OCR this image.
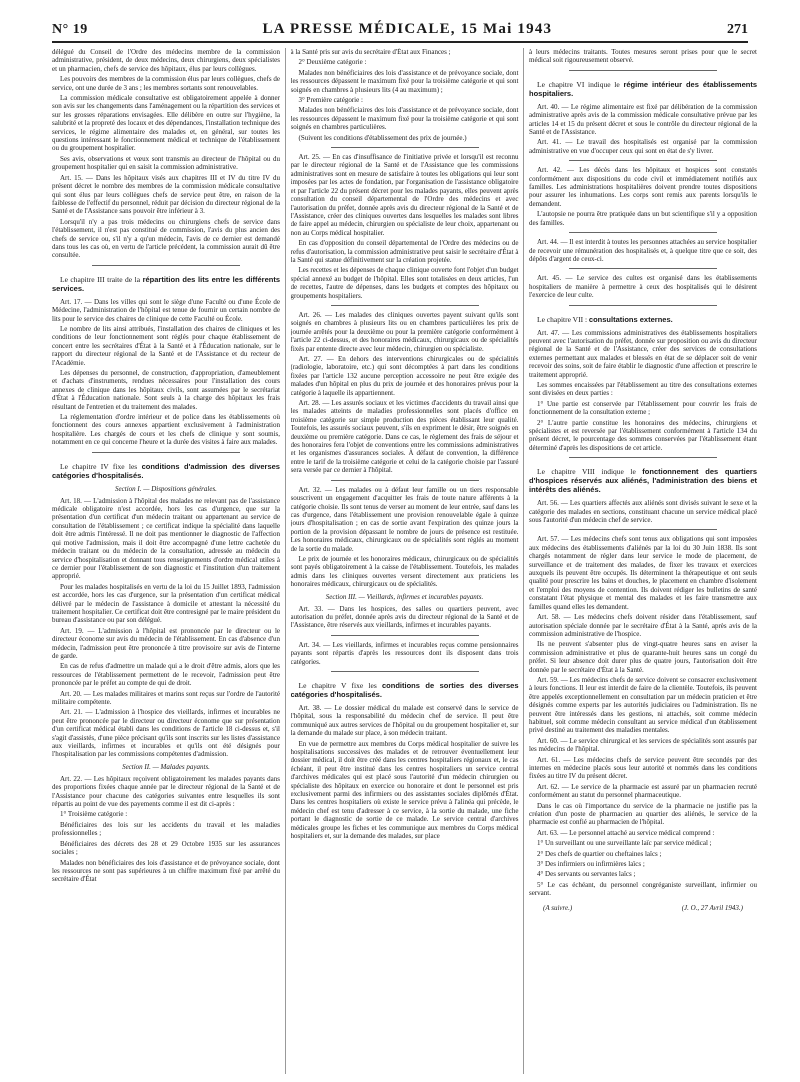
N° 19	LA PRESSE MÉDICALE, 15 Mai 1943	271

délégué du Conseil de l'Ordre des médecins membre de la commission administrative, président, de deux médecins, deux chirurgiens, deux spécialistes et un pharmacien, chefs de service des hôpitaux, élus par leurs collègues.

Les pouvoirs des membres de la commission élus par leurs collègues, chefs de service, ont une durée de 3 ans ; les membres sortants sont renouvelables.

La commission médicale consultative est obligatoirement appelée à donner son avis sur les changements dans l'aménagement ou la répartition des services et sur les grosses réparations envisagées. Elle délibère en outre sur l'hygiène, la salubrité et la propreté des locaux et des dépendances, l'installation technique des services, le régime alimentaire des malades et, en général, sur toutes les questions intéressant le fonctionnement médical et technique de l'établissement ou du groupement hospitalier.

Ses avis, observations et vœux sont transmis au directeur de l'hôpital ou du groupement hospitalier qui en saisit la commission administrative.

Art. 15. — Dans les hôpitaux visés aux chapitres III et IV du titre IV du présent décret le nombre des membres de la commission médicale consultative qui sont élus par leurs collègues chefs de service peut être, en raison de la faiblesse de l'effectif du personnel, réduit par décision du directeur régional de la Santé et de l'Assistance sans pouvoir être inférieur à 3.

Lorsqu'il n'y a pas trois médecins ou chirurgiens chefs de service dans l'établissement, il n'est pas constitué de commission, l'avis du plus ancien des chefs de service ou, s'il n'y a qu'un médecin, l'avis de ce dernier est demandé dans tous les cas où, en vertu de l'article précédent, la commission aurait dû être consultée.

Le chapitre III traite de la répartition des lits entre les différents services.

Art. 17. — Dans les villes qui sont le siège d'une Faculté ou d'une École de Médecine, l'administration de l'hôpital est tenue de fournir un certain nombre de lits pour le service des chaires de clinique de cette Faculté ou École.

Le nombre de lits ainsi attribués, l'installation des chaires de cliniques et les conditions de leur fonctionnement sont réglés pour chaque établissement de concert entre les secrétaires d'État à la Santé et à l'Éducation nationale, sur le rapport du directeur régional de la Santé et de l'Assistance et du recteur de l'Académie.

Les dépenses du personnel, de construction, d'appropriation, d'ameublement et d'achats d'instruments, rendues nécessaires pour l'installation des cours annexes de clinique dans les hôpitaux civils, sont assumées par le secrétariat d'État à l'Éducation nationale. Sont seuls à la charge des hôpitaux les frais résultant de l'entretien et du traitement des malades.

La réglementation d'ordre intérieur et de police dans les établissements où fonctionnent des cours annexes appartient exclusivement à l'administration hospitalière. Les chargés de cours et les chefs de clinique y sont soumis, notamment en ce qui concerne l'heure et la durée des visites à faire aux malades.

Le chapitre IV fixe les conditions d'admission des diverses catégories d'hospitalisés.
Section I. — Dispositions générales.

Art. 18. — L'admission à l'hôpital des malades ne relevant pas de l'assistance médicale obligatoire n'est accordée, hors les cas d'urgence, que sur la présentation d'un certificat d'un médecin traitant ou appartenant au service de consultation de l'établissement ; ce certificat indique la spécialité dans laquelle doit être admis l'intéressé. Il ne doit pas mentionner le diagnostic de l'affection qui motive l'admission, mais il doit être accompagné d'une lettre cachetée du médecin traitant ou du médecin de la consultation, adressée au médecin du service d'hospitalisation et donnant tous renseignements d'ordre médical utiles à ce dernier pour l'établissement de son diagnostic et l'institution d'un traitement approprié.

Pour les malades hospitalisés en vertu de la loi du 15 Juillet 1893, l'admission est accordée, hors les cas d'urgence, sur la présentation d'un certificat médical délivré par le médecin de l'assistance à domicile et attestant la nécessité du traitement hospitalier. Ce certificat doit être contresigné par le maire président du bureau d'assistance ou par son délégué.

Art. 19. — L'admission à l'hôpital est prononcée par le directeur ou le directeur économe sur avis du médecin de l'établissement. En cas d'absence d'un médecin, l'admission peut être prononcée à titre provisoire sur avis de l'interne de garde.

En cas de refus d'admettre un malade qui a le droit d'être admis, alors que les ressources de l'établissement permettent de le recevoir, l'admission peut être prononcée par le préfet au compte de qui de droit.

Art. 20. — Les malades militaires et marins sont reçus sur l'ordre de l'autorité militaire compétente.

Art. 21. — L'admission à l'hospice des vieillards, infirmes et incurables ne peut être prononcée par le directeur ou directeur économe que sur présentation d'un certificat médical établi dans les conditions de l'article 18 ci-dessus et, s'il s'agit d'assistés, d'une pièce précisant qu'ils sont inscrits sur les listes d'assistance aux vieillards, infirmes et incurables et qu'ils ont été désignés pour l'hospitalisation par les commissions compétentes d'admission.

Section II. — Malades payants.

Art. 22. — Les hôpitaux reçoivent obligatoirement les malades payants dans des proportions fixées chaque année par le directeur régional de la Santé et de l'Assistance pour chacune des catégories suivantes entre lesquelles ils sont répartis au point de vue des payements comme il est dit ci-après :

1° Troisième catégorie :

Bénéficiaires des lois sur les accidents du travail et les maladies professionnelles ;

Bénéficiaires des décrets des 28 et 29 Octobre 1935 sur les assurances sociales ;

Malades non bénéficiaires des lois d'assistance et de prévoyance sociale, dont les ressources ne sont pas supérieures à un chiffre maximum fixé par arrêté du secrétaire d'État

à la Santé pris sur avis du secrétaire d'État aux Finances ;

2° Deuxième catégorie :

Malades non bénéficiaires des lois d'assistance et de prévoyance sociale, dont les ressources dépassent le maximum fixé pour la troisième catégorie et qui sont soignés en chambres à plusieurs lits (4 au maximum) ;

3° Première catégorie :

Malades non bénéficiaires des lois d'assistance et de prévoyance sociale, dont les ressources dépassent le maximum fixé pour la troisième catégorie et qui sont soignés en chambres particulières.

(Suivent les conditions d'établissement des prix de journée.)

Art. 25. — En cas d'insuffisance de l'initiative privée et lorsqu'il est reconnu par le directeur régional de la Santé et de l'Assistance que les commissions administratives sont en mesure de satisfaire à toutes les obligations qui leur sont imposées par les actes de fondation, par l'organisation de l'assistance obligatoire et par l'article 22 du présent décret pour les malades payants, elles peuvent après consultation du conseil départemental de l'Ordre des médecins et avec l'autorisation du préfet, donnée après avis du directeur régional de la Santé et de l'Assistance, créer des cliniques ouvertes dans lesquelles les malades sont libres de faire appel au médecin, chirurgien ou spécialiste de leur choix, appartenant ou non au Corps médical hospitalier.

En cas d'opposition du conseil départemental de l'Ordre des médecins ou de refus d'autorisation, la commission administrative peut saisir le secrétaire d'État à la Santé qui statue définitivement sur la création projetée.

Les recettes et les dépenses de chaque clinique ouverte font l'objet d'un budget spécial annexé au budget de l'hôpital. Elles sont totalisées en deux articles, l'un de recettes, l'autre de dépenses, dans les budgets et comptes des hôpitaux ou groupements hospitaliers.

Art. 26. — Les malades des cliniques ouvertes payent suivant qu'ils sont soignés en chambres à plusieurs lits ou en chambres particulières les prix de journée arrêtés pour la deuxième ou pour la première catégorie conformément à l'article 22 ci-dessus, et des honoraires médicaux, chirurgicaux ou de spécialités fixés par entente directe avec leur médecin, chirurgien ou spécialiste.

Art. 27. — En dehors des interventions chirurgicales ou de spécialités (radiologie, laboratoire, etc.) qui sont décomptées à part dans les conditions fixées par l'article 132 aucune perception accessoire ne peut être exigée des malades d'un hôpital en plus du prix de journée et des honoraires prévus pour la catégorie à laquelle ils appartiennent.

Art. 28. — Les assurés sociaux et les victimes d'accidents du travail ainsi que les malades atteints de maladies professionnelles sont placés d'office en troisième catégorie sur simple production des pièces établissant leur qualité. Toutefois, les assurés sociaux peuvent, s'ils en expriment le désir, être soignés en deuxième ou première catégorie. Dans ce cas, le règlement des frais de séjour et des honoraires fera l'objet de conventions entre les commissions administratives et les organismes d'assurances sociales. À défaut de convention, la différence entre le tarif de la troisième catégorie et celui de la catégorie choisie par l'assuré sera versée par ce dernier à l'hôpital.

Art. 32. — Les malades ou à défaut leur famille ou un tiers responsable souscrivent un engagement d'acquitter les frais de toute nature afférents à la catégorie choisie. Ils sont tenus de verser au moment de leur entrée, sauf dans les cas d'urgence, dans l'établissement une provision renouvelable égale à quinze jours d'hospitalisation ; en cas de sortie avant l'expiration des quinze jours la portion de la provision dépassant le nombre de jours de présence est restituée. Les honoraires médicaux, chirurgicaux ou de spécialités sont réglés au moment de la sortie du malade.

Le prix de journée et les honoraires médicaux, chirurgicaux ou de spécialités sont payés obligatoirement à la caisse de l'établissement. Toutefois, les malades admis dans les cliniques ouvertes versent directement aux praticiens les honoraires médicaux, chirurgicaux ou de spécialités.

Section III. — Vieillards, infirmes et incurables payants.

Art. 33. — Dans les hospices, des salles ou quartiers peuvent, avec autorisation du préfet, donnée après avis du directeur régional de la Santé et de l'Assistance, être réservés aux vieillards, infirmes et incurables payants.

Art. 34. — Les vieillards, infirmes et incurables reçus comme pensionnaires payants sont répartis d'après les ressources dont ils disposent dans trois catégories.

Le chapitre V fixe les conditions de sorties des diverses catégories d'hospitalisés.

Art. 38. — Le dossier médical du malade est conservé dans le service de l'hôpital, sous la responsabilité du médecin chef de service. Il peut être communiqué aux autres services de l'hôpital ou du groupement hospitalier et, sur la demande du malade sur place, à son médecin traitant.

En vue de permettre aux membres du Corps médical hospitalier de suivre les hospitalisations successives des malades et de retrouver éventuellement leur dossier médical, il doit être créé dans les centres hospitaliers régionaux et, le cas échéant, il peut être institué dans les centres hospitaliers un service central d'archives médicales qui est placé sous l'autorité d'un médecin chirurgien ou spécialiste des hôpitaux en exercice ou honoraire et dont le personnel est pris exclusivement parmi des infirmiers ou des assistantes sociales diplômés d'État. Dans les centres hospitaliers où existe le service prévu à l'alinéa qui précède, le médecin chef est tenu d'adresser à ce service, à la sortie du malade, une fiche portant le diagnostic de sortie de ce malade. Le service central d'archives médicales groupe les fiches et les communique aux membres du Corps médical hospitaliers et, sur la demande des malades, sur place

à leurs médecins traitants. Toutes mesures seront prises pour que le secret médical soit rigoureusement observé.

Le chapitre VI indique le régime intérieur des établissements hospitaliers.

Art. 40. — Le régime alimentaire est fixé par délibération de la commission administrative après avis de la commission médicale consultative prévue par les articles 14 et 15 du présent décret et sous le contrôle du directeur régional de la Santé et de l'Assistance.

Art. 41. — Le travail des hospitalisés est organisé par la commission administrative en vue d'occuper ceux qui sont en état de s'y livrer.

Art. 42. — Les décès dans les hôpitaux et hospices sont constatés conformément aux dispositions du code civil et immédiatement notifiés aux familles. Les administrations hospitalières doivent prendre toutes dispositions pour assurer les inhumations. Les corps sont remis aux parents lorsqu'ils le demandent.

L'autopsie ne pourra être pratiquée dans un but scientifique s'il y a opposition des familles.

Art. 44. — Il est interdit à toutes les personnes attachées au service hospitalier de recevoir une rémunération des hospitalisés et, à quelque titre que ce soit, des dépôts d'argent de ceux-ci.

Art. 45. — Le service des cultes est organisé dans les établissements hospitaliers de manière à permettre à ceux des hospitalisés qui le désirent l'exercice de leur culte.

Le chapitre VII : consultations externes.

Art. 47. — Les commissions administratives des établissements hospitaliers peuvent avec l'autorisation du préfet, donnée sur proposition ou avis du directeur régional de la Santé et de l'Assistance, créer des services de consultations externes permettant aux malades et blessés en état de se déplacer soit de venir recevoir des soins, soit de faire établir le diagnostic d'une affection et prescrire le traitement approprié.

Les sommes encaissées par l'établissement au titre des consultations externes sont divisées en deux parties :

1° Une partie est conservée par l'établissement pour couvrir les frais de fonctionnement de la consultation externe ;

2° L'autre partie constitue les honoraires des médecins, chirurgiens et spécialistes et est reversée par l'établissement conformément à l'article 134 du présent décret, le pourcentage des sommes conservées par l'établissement étant déterminé d'après les dispositions de cet article.

Le chapitre VIII indique le fonctionnement des quartiers d'hospices réservés aux aliénés, l'administration des biens et intérêts des aliénés.

Art. 56. — Les quartiers affectés aux aliénés sont divisés suivant le sexe et la catégorie des malades en sections, constituant chacune un service médical placé sous l'autorité d'un médecin chef de service.

Art. 57. — Les médecins chefs sont tenus aux obligations qui sont imposées aux médecins des établissements d'aliénés par la loi du 30 Juin 1838. Ils sont chargés notamment de régler dans leur service le mode de placement, de surveillance et de traitement des malades, de fixer les travaux et exercices auxquels ils peuvent être occupés. Ils déterminent la thérapeutique et ont seuls qualité pour prescrire les bains et douches, le placement en chambre d'isolement et l'emploi des moyens de contention. Ils doivent rédiger les bulletins de santé constatant l'état physique et mental des malades et les faire transmettre aux familles quand elles les demandent.

Art. 58. — Les médecins chefs doivent résider dans l'établissement, sauf autorisation spéciale donnée par le secrétaire d'État à la Santé, après avis de la commission administrative de l'hospice.

Ils ne peuvent s'absenter plus de vingt-quatre heures sans en aviser la commission administrative et plus de quarante-huit heures sans un congé du préfet. Si leur absence doit durer plus de quatre jours, l'autorisation doit être donnée par le secrétaire d'État à la Santé.

Art. 59. — Les médecins chefs de service doivent se consacrer exclusivement à leurs fonctions. Il leur est interdit de faire de la clientèle. Toutefois, ils peuvent être appelés exceptionnellement en consultation par un médecin praticien et être désignés comme experts par les autorités judiciaires ou l'administration. Ils ne peuvent être intéressés dans les gestions, ni attachés, soit comme médecin habituel, soit comme médecin consultant au service médical d'un établissement privé destiné au traitement des maladies mentales.

Art. 60. — Le service chirurgical et les services de spécialités sont assurés par les médecins de l'hôpital.

Art. 61. — Les médecins chefs de service peuvent être secondés par des internes en médecine placés sous leur autorité et nommés dans les conditions fixées au titre IV du présent décret.

Art. 62. — Le service de la pharmacie est assuré par un pharmacien recruté conformément au statut du personnel pharmaceutique.

Dans le cas où l'importance du service de la pharmacie ne justifie pas la création d'un poste de pharmacien au quartier des aliénés, le service de la pharmacie est confié au pharmacien de l'hôpital.

Art. 63. — Le personnel attaché au service médical comprend :

1° Un surveillant ou une surveillante laïc par service médical ;

2° Des chefs de quartier ou cheftaines laïcs ;

3° Des infirmiers ou infirmières laïcs ;

4° Des servants ou servantes laïcs ;

5° Le cas échéant, du personnel congréganiste surveillant, infirmier ou servant.

(A suivre.)	(J. O., 27 Avril 1943.)
